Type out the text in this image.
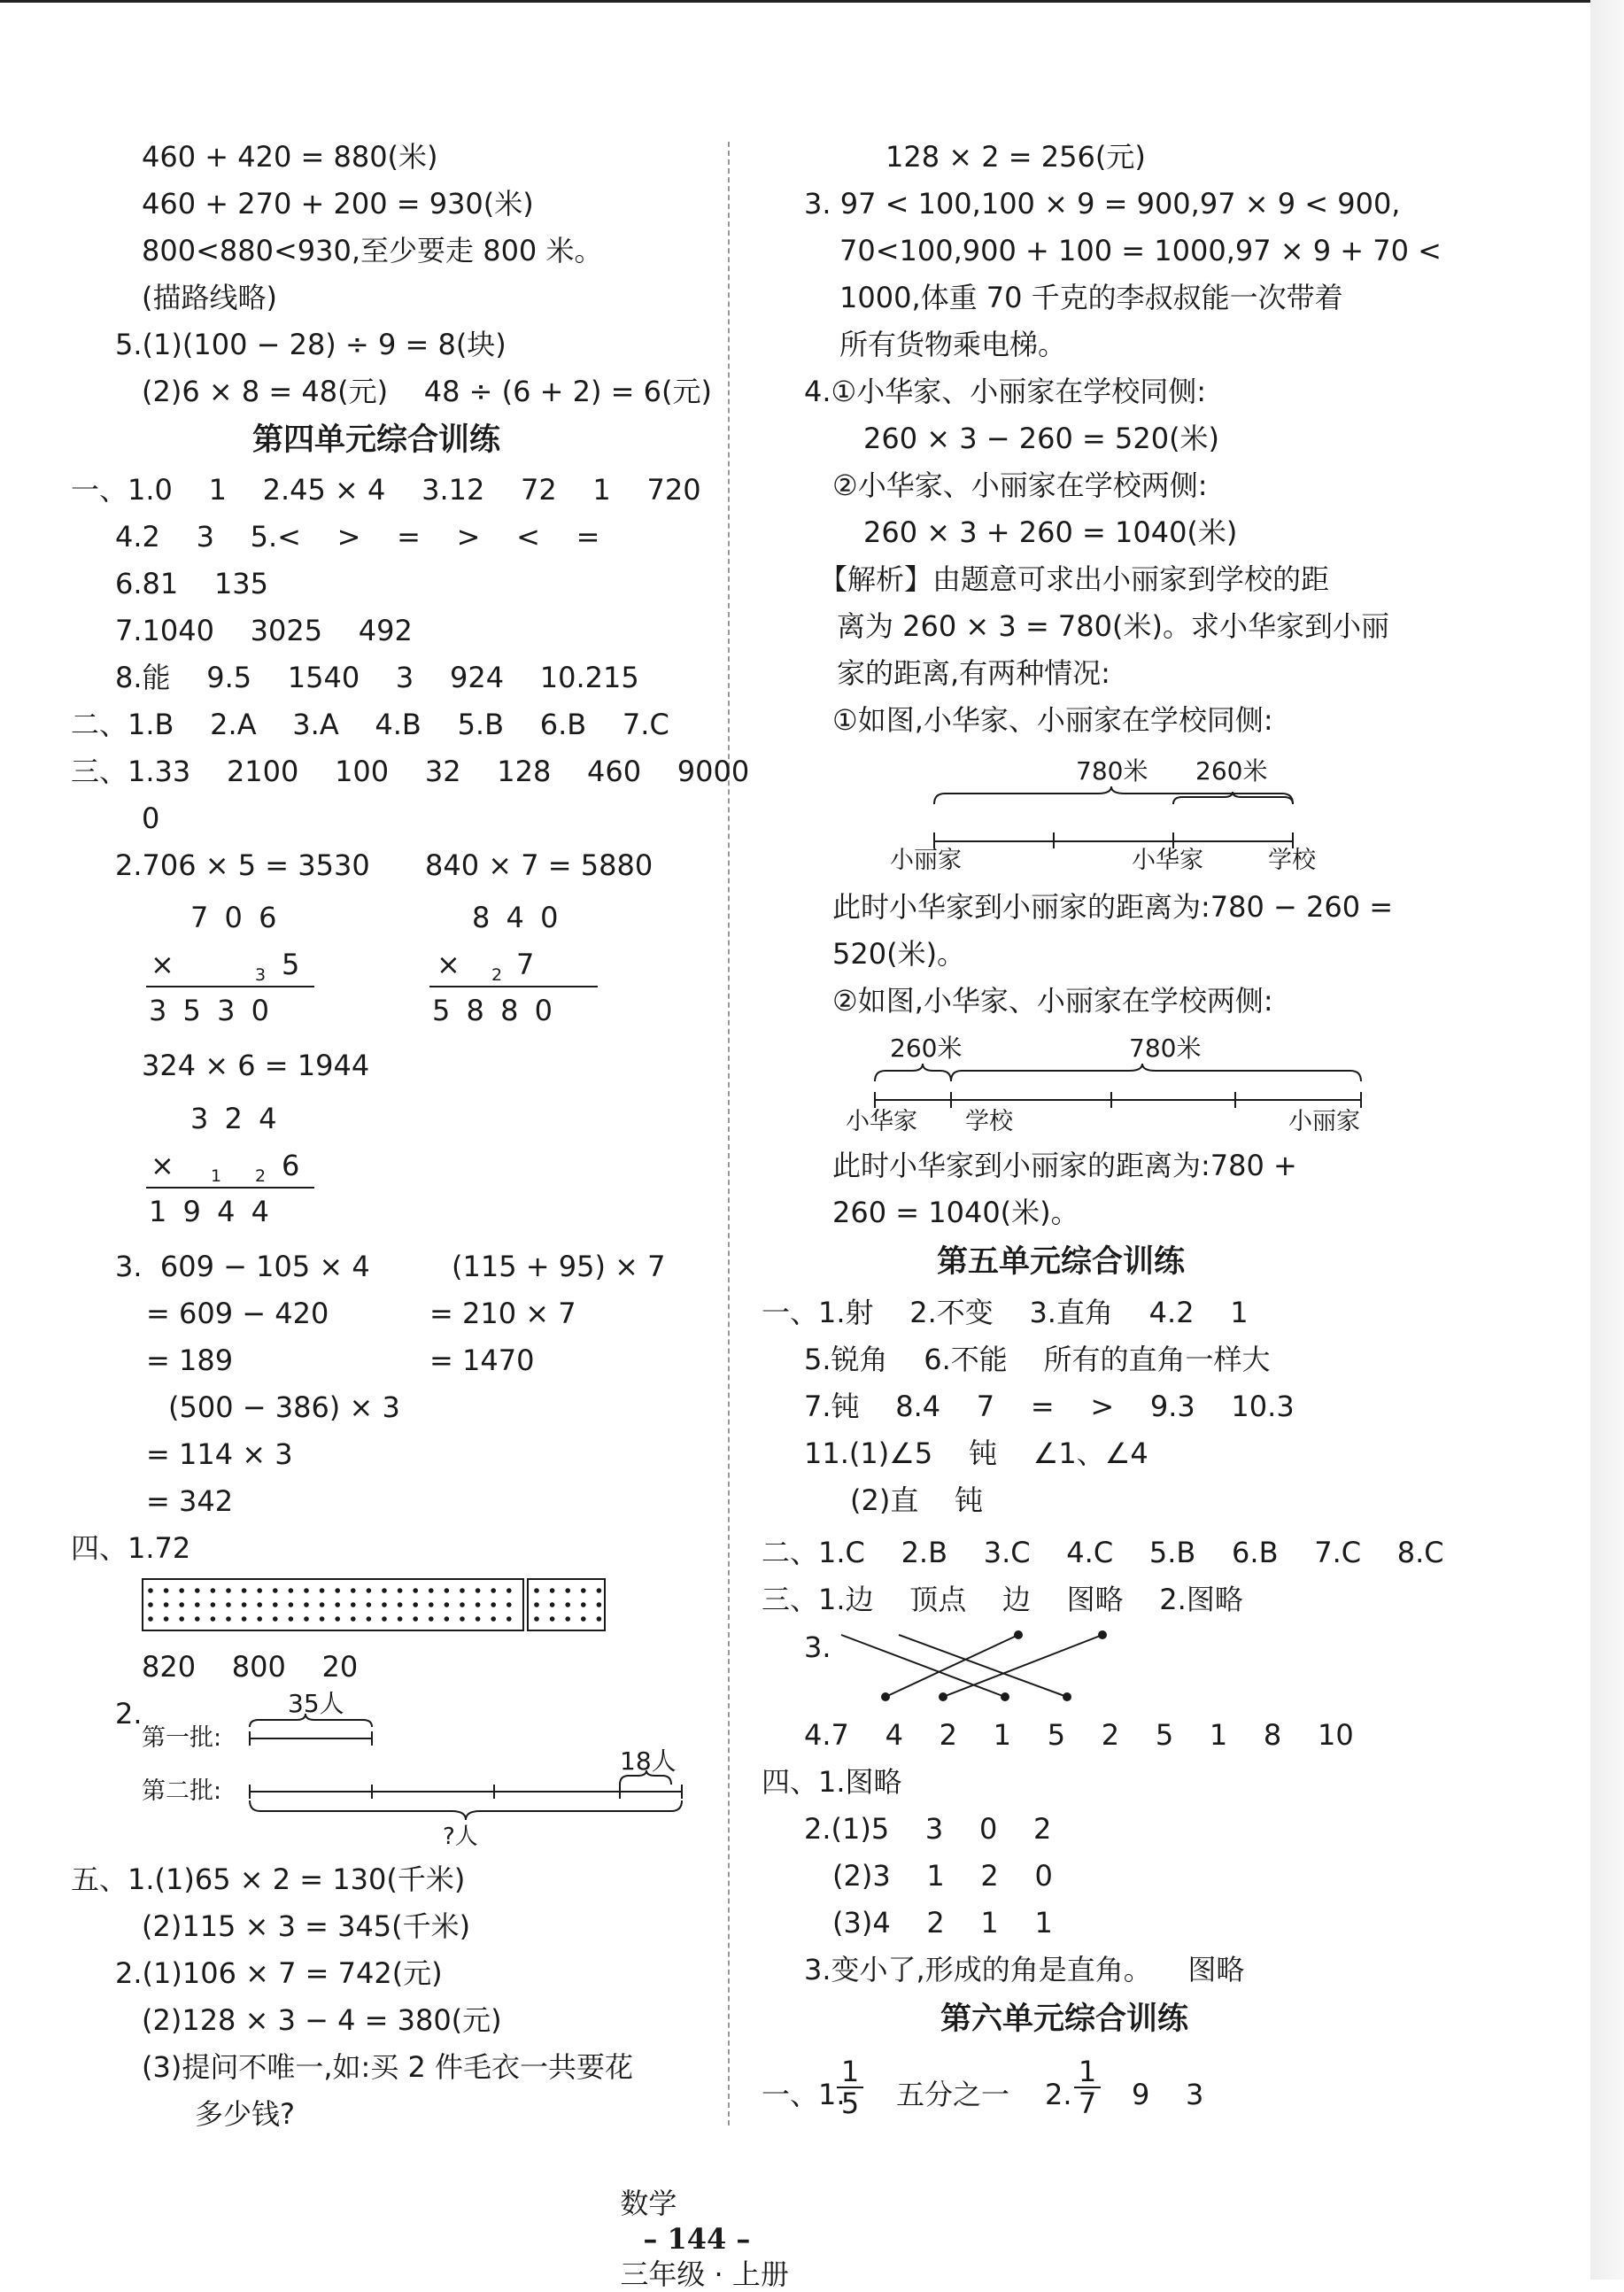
460 + 420 = 880(米)
460 + 270 + 200 = 930(米)
800<880<930,至少要走 800 米。
(描路线略)
5.(1)(100 − 28) ÷ 9 = 8(块)
(2)6 × 8 = 48(元)    48 ÷ (6 + 2) = 6(元)
第四单元综合训练
一、1.0    1    2.45 × 4    3.12    72    1    720
4.2    3    5.<    >    =    >    <    =
6.81    135
7.1040    3025    492
8.能    9.5    1540    3    924    10.215
二、1.B    2.A    3.A    4.B    5.B    6.B    7.C
三、1.33    2100    100    32    128    460    9000
0
2.706 × 5 = 3530 840 × 7 = 5880
7 0 6
×	3 5
3 5 3 0
8 4 0
× 2 7
5 8 8 0
324 × 6 = 1944
3 2 4
× 1 2 6
1 9 4 4
3.  609 − 105 × 4
= 609 − 420
= 189
(115 + 95) × 7
= 210 × 7
= 1470
(500 − 386) × 3
= 114 × 3
= 342
四、1.72
820    800    20
2.
第一批:
第二批:
35人
18人
?人
五、1.(1)65 × 2 = 130(千米)
(2)115 × 3 = 345(千米)
2.(1)106 × 7 = 742(元)
(2)128 × 3 − 4 = 380(元)
(3)提问不唯一,如:买 2 件毛衣一共要花
多少钱?
128 × 2 = 256(元)
3. 97 < 100,100 × 9 = 900,97 × 9 < 900,
70<100,900 + 100 = 1000,97 × 9 + 70 <
1000,体重 70 千克的李叔叔能一次带着
所有货物乘电梯。
4.①小华家、小丽家在学校同侧:
260 × 3 − 260 = 520(米)
②小华家、小丽家在学校两侧:
260 × 3 + 260 = 1040(米)
【解析】由题意可求出小丽家到学校的距
离为 260 × 3 = 780(米)。求小华家到小丽
家的距离,有两种情况:
①如图,小华家、小丽家在学校同侧:
780米 260米
小丽家	小华家	学校
此时小华家到小丽家的距离为:780 − 260 =
520(米)。
②如图,小华家、小丽家在学校两侧:
260米	780米
小华家 学校	小丽家
此时小华家到小丽家的距离为:780 +
260 = 1040(米)。
第五单元综合训练
一、1.射    2.不变    3.直角    4.2    1
5.锐角    6.不能    所有的直角一样大
7.钝    8.4    7    =    >    9.3    10.3
11.(1)∠5    钝    ∠1、∠4
(2)直    钝
二、1.C    2.B    3.C    4.C    5.B    6.B    7.C    8.C
三、1.边    顶点    边    图略    2.图略
3.
4.7    4    2    1    5    2    5    1    8    10
四、1.图略
2.(1)5    3    0    2
(2)3    1    2    0
(3)4    2    1    1
3.变小了,形成的角是直角。    图略
第六单元综合训练
一、1.
$\frac{1}{5}$ 五分之一 2. $\frac{1}{7} 9$    3

数学
– 144 –
三年级 · 上册
